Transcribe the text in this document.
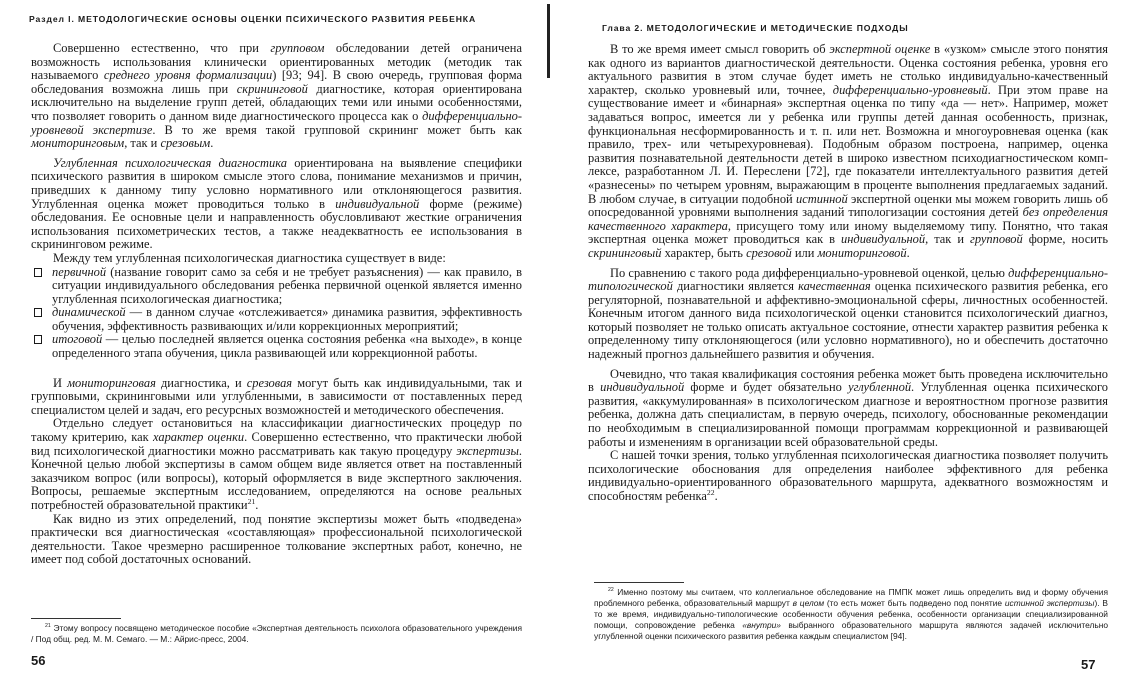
Раздел I. МЕТОДОЛОГИЧЕСКИЕ ОСНОВЫ ОЦЕНКИ ПСИХИЧЕСКОГО РАЗВИТИЯ РЕБЕНКА

Совершенно естественно, что при групповом обследовании детей ограничена возможность использования клинически ориентированных методик (методик так называемого среднего уровня формализации) [93; 94]. В свою очередь, групповая форма обследования возможна лишь при скрининговой диагностике, которая ориентирована исключительно на выделение групп детей, обладающих теми или иными особенностями, что позволяет говорить о данном виде диагностического процесса как о дифференциально-уровневой экспертизе. В то же время такой групповой скрининг может быть как мониторинговым, так и срезовым.

Углубленная психологическая диагностика ориентирована на выявление специфики психического развития в широком смысле этого слова, понимание механизмов и причин, приведших к данному типу условно нормативного или отклоняющегося развития. Углубленная оценка может проводиться только в индивидуальной форме (режиме) обследования. Ее основные цели и направленность обусловливают жесткие ограничения использования психометрических тестов, а также неадекватность ее использования в скрининговом режиме.

Между тем углубленная психологическая диагностика существует в виде:

первичной (название говорит само за себя и не требует разъяснения) — как правило, в ситуации индивидуального обследования ребенка первичной оценкой является именно углубленная психологическая диагностика;
динамической — в данном случае «отслеживается» динамика развития, эффективность обучения, эффективность развивающих и/или коррекционных мероприятий;
итоговой — целью последней является оценка состояния ребенка «на выходе», в конце определенного этапа обучения, цикла развивающей или коррекционной работы.

И мониторинговая диагностика, и срезовая могут быть как индивидуальными, так и групповыми, скрининговыми или углубленными, в зависимости от поставленных перед специалистом целей и задач, его ресурсных возможностей и методического обеспечения.

Отдельно следует остановиться на классификации диагностических процедур по такому критерию, как характер оценки. Совершенно естественно, что практически любой вид психологической диагностики можно рассматривать как такую процедуру экспертизы. Конечной целью любой экспертизы в самом общем виде является ответ на поставленный заказчиком вопрос (или вопросы), который оформляется в виде экспертного заключения. Вопросы, решаемые экспертным исследованием, определяются на основе реальных потребностей образовательной практики$^{21}$.

Как видно из этих определений, под понятие экспертизы может быть «подведена» практически вся диагностическая «составляющая» профессиональной психологической деятельности. Такое чрезмерно расширенное толкование экспертных работ, конечно, не имеет под собой достаточных оснований.

$^{21}$ Этому вопросу посвящено методическое пособие «Экспертная деятельность психолога образовательного учреждения / Под общ. ред. М. М. Семаго. — М.: Айрис-пресс, 2004.

56
Глава 2. МЕТОДОЛОГИЧЕСКИЕ И МЕТОДИЧЕСКИЕ ПОДХОДЫ

В то же время имеет смысл говорить об экспертной оценке в «узком» смысле этого понятия как одного из вариантов диагностической деятельности. Оценка состояния ребенка, уровня его актуального развития в этом случае будет иметь не столько индивидуально-качественный характер, сколько уровневый или, точнее, дифференциально-уровневый. При этом праве на существование имеет и «бинарная» экспертная оценка по типу «да — нет». Например, может задаваться вопрос, имеется ли у ребенка или группы детей данная особенность, признак, функциональная несформированность и т. п. или нет. Возможна и многоуровневая оценка (как правило, трех- или четырехуровневая). Подобным образом построена, например, оценка развития познавательной деятельности детей в широко известном психодиагностическом комплексе, разработанном Л. И. Переслени [72], где показатели интеллектуального развития детей «разнесены» по четырем уровням, выражающим в проценте выполнения предлагаемых заданий. В любом случае, в ситуации подобной истинной экспертной оценки мы можем говорить лишь об опосредованной уровнями выполнения заданий типологизации состояния детей без определения качественного характера, присущего тому или иному выделяемому типу. Понятно, что такая экспертная оценка может проводиться как в индивидуальной, так и групповой форме, носить скрининговый характер, быть срезовой или мониторинговой.

По сравнению с такого рода дифференциально-уровневой оценкой, целью дифференциально-типологической диагностики является качественная оценка психического развития ребенка, его регуляторной, познавательной и аффективно-эмоциональной сферы, личностных особенностей. Конечным итогом данного вида психологической оценки становится психологический диагноз, который позволяет не только описать актуальное состояние, отнести характер развития ребенка к определенному типу отклоняющегося (или условно нормативного), но и обеспечить достаточно надежный прогноз дальнейшего развития и обучения.

Очевидно, что такая квалификация состояния ребенка может быть проведена исключительно в индивидуальной форме и будет обязательно углубленной. Углубленная оценка психического развития, «аккумулированная» в психологическом диагнозе и вероятностном прогнозе развития ребенка, должна дать специалистам, в первую очередь, психологу, обоснованные рекомендации по необходимым в специализированной помощи программам коррекционной и развивающей работы и изменениям в организации всей образовательной среды.

С нашей точки зрения, только углубленная психологическая диагностика позволяет получить психологические обоснования для определения наиболее эффективного для ребенка индивидуально-ориентированного образовательного маршрута, адекватного возможностям и способностям ребенка$^{22}$.

$^{22}$ Именно поэтому мы считаем, что коллегиальное обследование на ПМПК может лишь определить вид и форму обучения проблемного ребенка, образовательный маршрут в целом (то есть может быть подведено под понятие истинной экспертизы). В то же время, индивидуально-типологические особенности обучения ребенка, особенности организации специализированной помощи, сопровождение ребенка «внутри» выбранного образовательного маршрута являются задачей исключительно углубленной оценки психического развития ребенка каждым специалистом [94].

57
